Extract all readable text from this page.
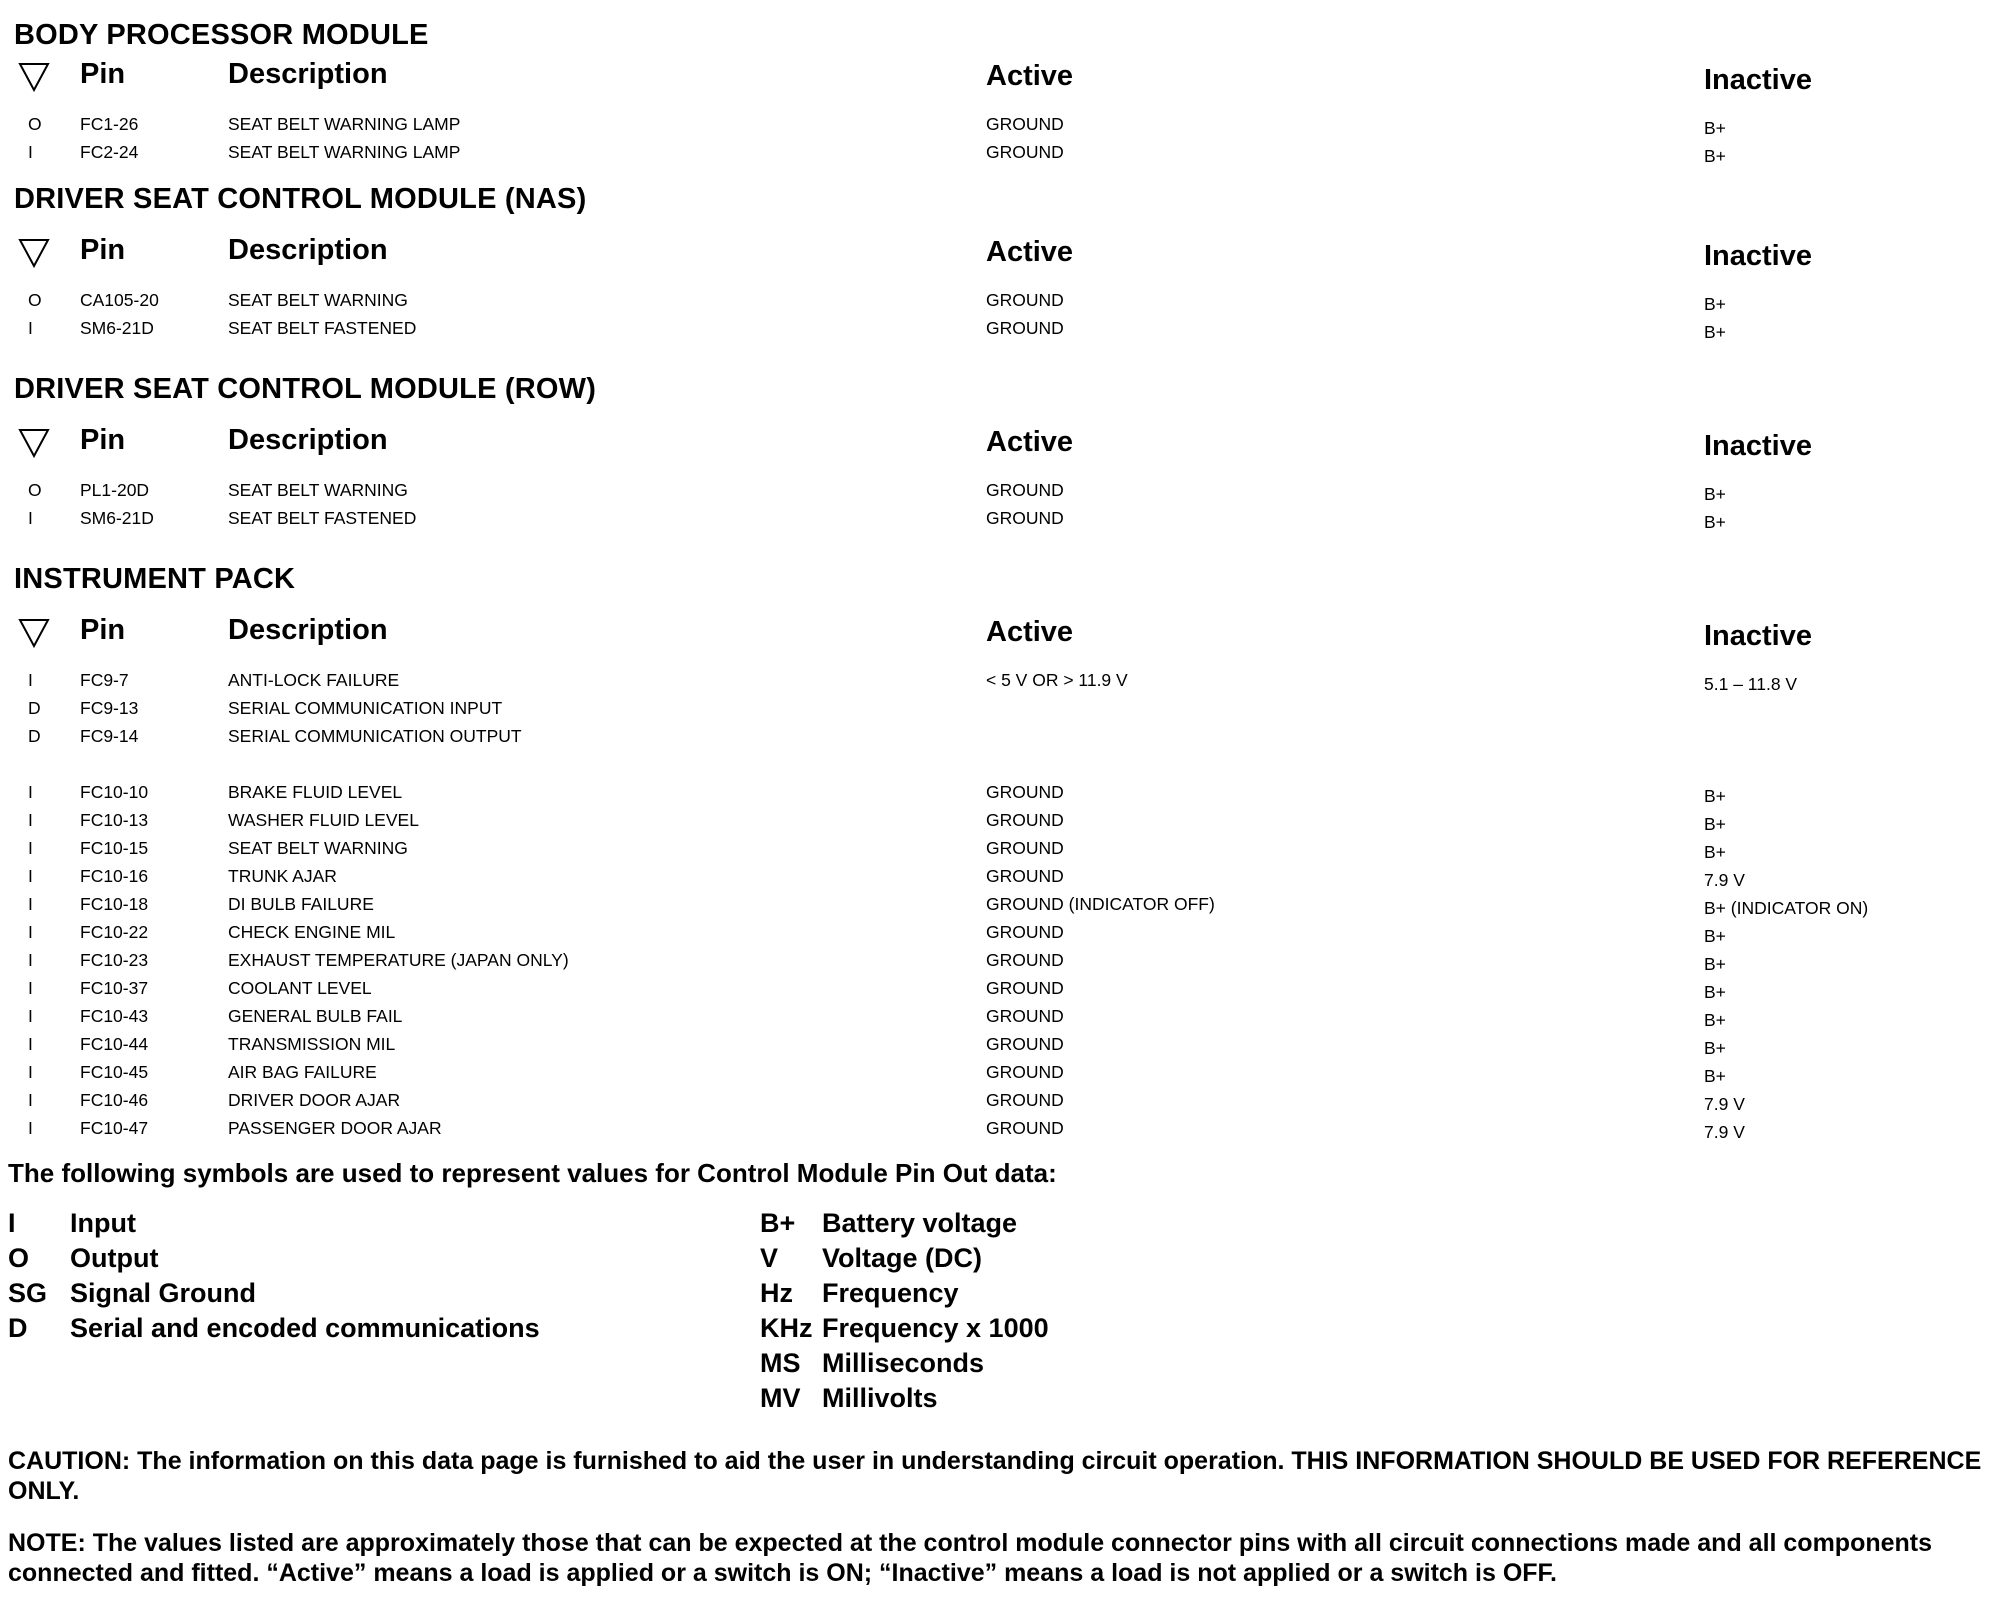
BODY PROCESSOR MODULE
Pin	Description	Active	Inactive
O	FC1-26	SEAT BELT WARNING LAMP	GROUND	B+
I	FC2-24	SEAT BELT WARNING LAMP	GROUND	B+
DRIVER SEAT CONTROL MODULE (NAS)
Pin	Description	Active	Inactive
O	CA105-20	SEAT BELT WARNING	GROUND	B+
I	SM6-21D	SEAT BELT FASTENED	GROUND	B+
DRIVER SEAT CONTROL MODULE (ROW)
Pin	Description	Active	Inactive
O	PL1-20D	SEAT BELT WARNING	GROUND	B+
I	SM6-21D	SEAT BELT FASTENED	GROUND	B+
INSTRUMENT PACK
Pin	Description	Active	Inactive
I	FC9-7	ANTI-LOCK FAILURE	< 5 V OR > 11.9 V	5.1 – 11.8 V
D	FC9-13	SERIAL COMMUNICATION INPUT
D	FC9-14	SERIAL COMMUNICATION OUTPUT
I	FC10-10	BRAKE FLUID LEVEL	GROUND	B+
I	FC10-13	WASHER FLUID LEVEL	GROUND	B+
I	FC10-15	SEAT BELT WARNING	GROUND	B+
I	FC10-16	TRUNK AJAR	GROUND	7.9 V
I	FC10-18	DI BULB FAILURE	GROUND (INDICATOR OFF)	B+ (INDICATOR ON)
I	FC10-22	CHECK ENGINE MIL	GROUND	B+
I	FC10-23	EXHAUST TEMPERATURE (JAPAN ONLY)	GROUND	B+
I	FC10-37	COOLANT LEVEL	GROUND	B+
I	FC10-43	GENERAL BULB FAIL	GROUND	B+
I	FC10-44	TRANSMISSION MIL	GROUND	B+
I	FC10-45	AIR BAG FAILURE	GROUND	B+
I	FC10-46	DRIVER DOOR AJAR	GROUND	7.9 V
I	FC10-47	PASSENGER DOOR AJAR	GROUND	7.9 V
The following symbols are used to represent values for Control Module Pin Out data:
I Input
O Output
SG Signal Ground
D Serial and encoded communications
B+ Battery voltage
V Voltage (DC)
Hz Frequency
KHz Frequency x 1000
MS Milliseconds
MV Millivolts
CAUTION: The information on this data page is furnished to aid the user in understanding circuit operation. THIS INFORMATION SHOULD BE USED FOR REFERENCE ONLY.
NOTE: The values listed are approximately those that can be expected at the control module connector pins with all circuit connections made and all components connected and fitted. “Active” means a load is applied or a switch is ON; “Inactive” means a load is not applied or a switch is OFF.
